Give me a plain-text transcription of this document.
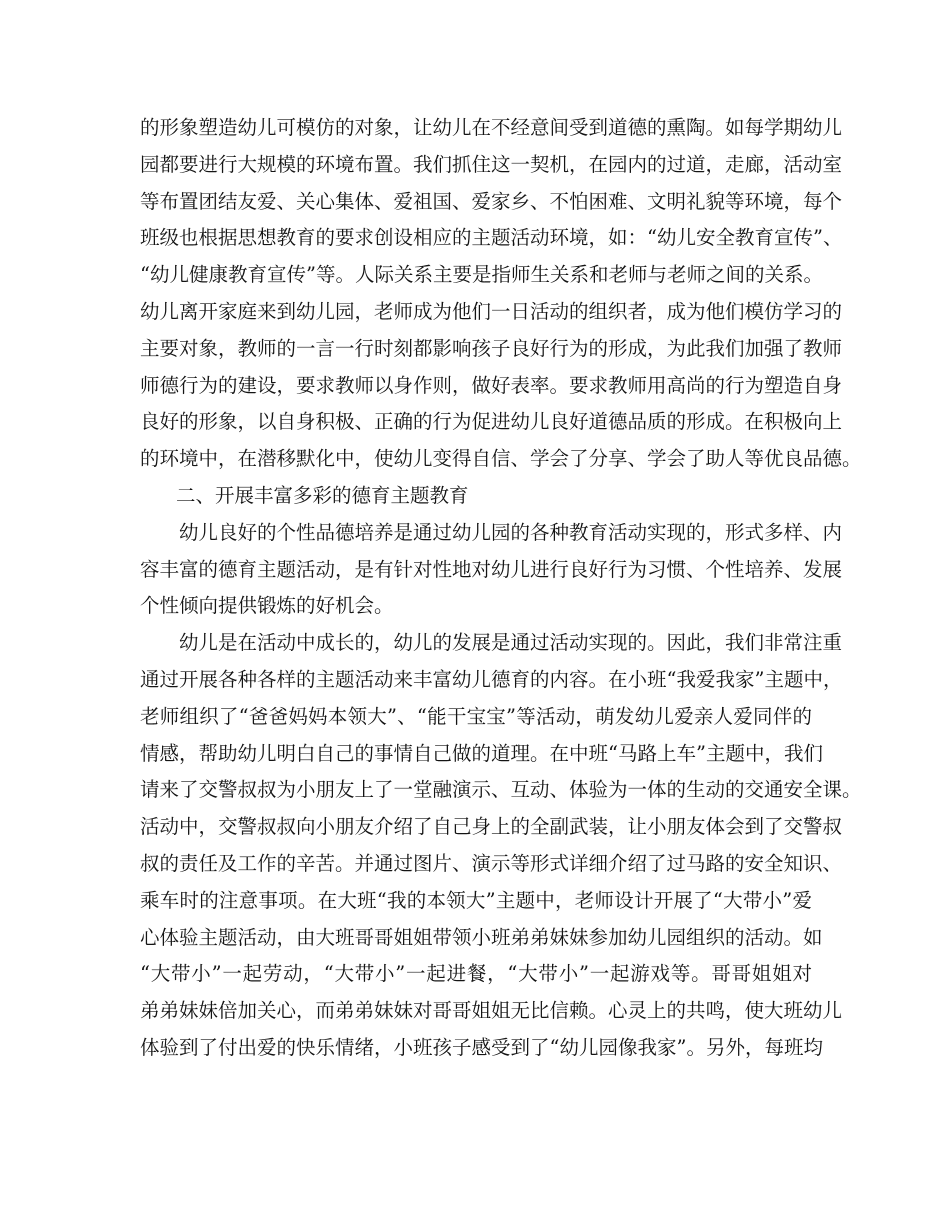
的形象塑造幼儿可模仿的对象，让幼儿在不经意间受到道德的熏陶。如每学期幼儿
园都要进行大规模的环境布置。我们抓住这一契机，在园内的过道，走廊，活动室
等布置团结友爱、关心集体、爱祖国、爱家乡、不怕困难、文明礼貌等环境，每个
班级也根据思想教育的要求创设相应的主题活动环境，如：“幼儿安全教育宣传”、
“幼儿健康教育宣传”等。人际关系主要是指师生关系和老师与老师之间的关系。
幼儿离开家庭来到幼儿园，老师成为他们一日活动的组织者，成为他们模仿学习的
主要对象，教师的一言一行时刻都影响孩子良好行为的形成，为此我们加强了教师
师德行为的建设，要求教师以身作则，做好表率。要求教师用高尚的行为塑造自身
良好的形象，以自身积极、正确的行为促进幼儿良好道德品质的形成。在积极向上
的环境中，在潜移默化中，使幼儿变得自信、学会了分享、学会了助人等优良品德。

二、开展丰富多彩的德育主题教育

幼儿良好的个性品德培养是通过幼儿园的各种教育活动实现的，形式多样、内
容丰富的德育主题活动，是有针对性地对幼儿进行良好行为习惯、个性培养、发展
个性倾向提供锻炼的好机会。

幼儿是在活动中成长的，幼儿的发展是通过活动实现的。因此，我们非常注重
通过开展各种各样的主题活动来丰富幼儿德育的内容。在小班“我爱我家”主题中，
老师组织了“爸爸妈妈本领大”、“能干宝宝”等活动，萌发幼儿爱亲人爱同伴的
情感，帮助幼儿明白自己的事情自己做的道理。在中班“马路上车”主题中，我们
请来了交警叔叔为小朋友上了一堂融演示、互动、体验为一体的生动的交通安全课。
活动中，交警叔叔向小朋友介绍了自己身上的全副武装，让小朋友体会到了交警叔
叔的责任及工作的辛苦。并通过图片、演示等形式详细介绍了过马路的安全知识、
乘车时的注意事项。在大班“我的本领大”主题中，老师设计开展了“大带小”爱
心体验主题活动，由大班哥哥姐姐带领小班弟弟妹妹参加幼儿园组织的活动。如
“大带小”一起劳动，“大带小”一起进餐，“大带小”一起游戏等。哥哥姐姐对
弟弟妹妹倍加关心，而弟弟妹妹对哥哥姐姐无比信赖。心灵上的共鸣，使大班幼儿
体验到了付出爱的快乐情绪，小班孩子感受到了“幼儿园像我家”。另外，每班均
